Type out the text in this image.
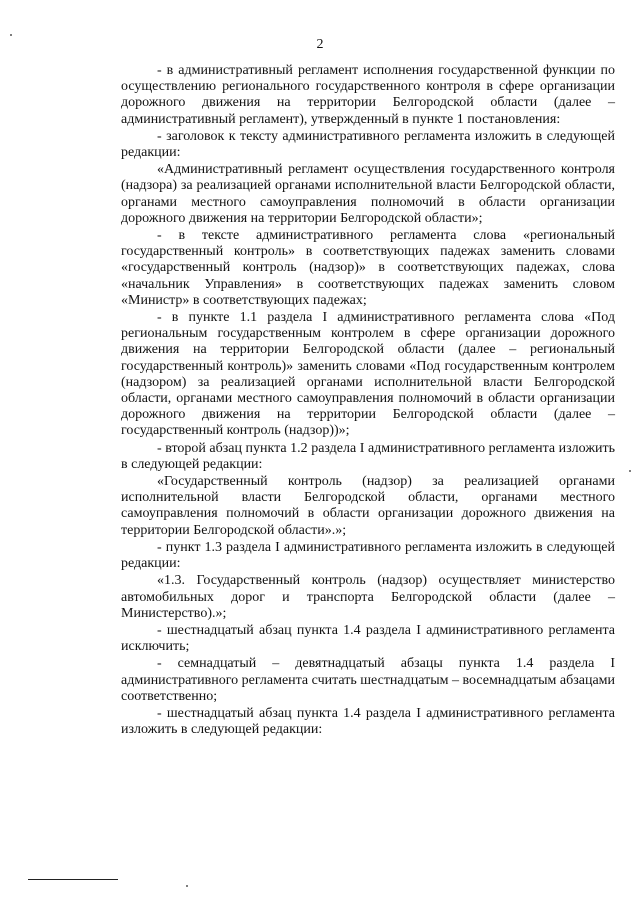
2

- в административный регламент исполнения государственной функции по осуществлению регионального государственного контроля в сфере организации дорожного движения на территории Белгородской области (далее – административный регламент), утвержденный в пункте 1 постановления:

- заголовок к тексту административного регламента изложить в следующей редакции:

«Административный регламент осуществления государственного контроля (надзора) за реализацией органами исполнительной власти Белгородской области, органами местного самоуправления полномочий в области организации дорожного движения на территории Белгородской области»;

- в тексте административного регламента слова «региональный государственный контроль» в соответствующих падежах заменить словами «государственный контроль (надзор)» в соответствующих падежах, слова «начальник Управления» в соответствующих падежах заменить словом «Министр» в соответствующих падежах;

- в пункте 1.1 раздела I административного регламента слова «Под региональным государственным контролем в сфере организации дорожного движения на территории Белгородской области (далее – региональный государственный контроль)» заменить словами «Под государственным контролем (надзором) за реализацией органами исполнительной власти Белгородской области, органами местного самоуправления полномочий в области организации дорожного движения на территории Белгородской области (далее – государственный контроль (надзор))»;

- второй абзац пункта 1.2 раздела I административного регламента изложить в следующей редакции:

«Государственный контроль (надзор) за реализацией органами исполнительной власти Белгородской области, органами местного самоуправления полномочий в области организации дорожного движения на территории Белгородской области».»;

- пункт 1.3 раздела I административного регламента изложить в следующей редакции:

«1.3. Государственный контроль (надзор) осуществляет министерство автомобильных дорог и транспорта Белгородской области (далее – Министерство).»;

- шестнадцатый абзац пункта 1.4 раздела I административного регламента исключить;

- семнадцатый – девятнадцатый абзацы пункта 1.4 раздела I административного регламента считать шестнадцатым – восемнадцатым абзацами соответственно;

- шестнадцатый абзац пункта 1.4 раздела I административного регламента изложить в следующей редакции:
